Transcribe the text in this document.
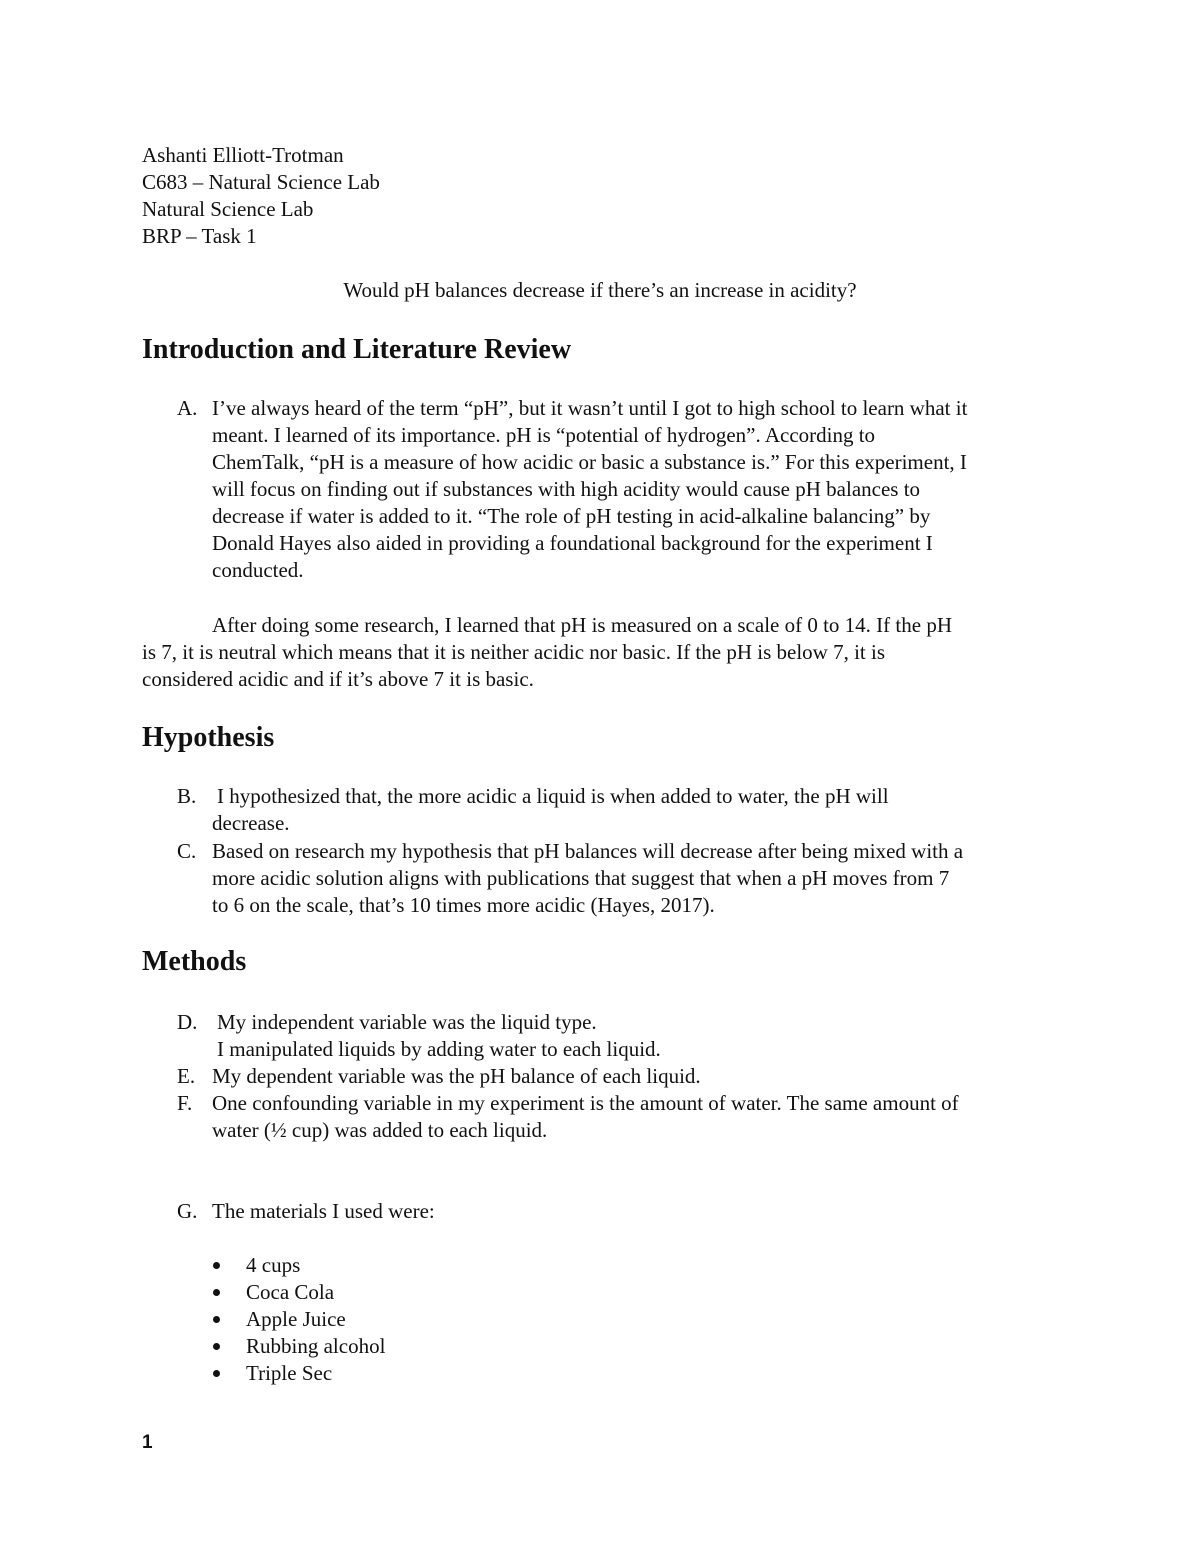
Ashanti Elliott-Trotman
C683 – Natural Science Lab
Natural Science Lab
BRP – Task 1
Would pH balances decrease if there’s an increase in acidity?
Introduction and Literature Review
A. I’ve always heard of the term “pH”, but it wasn’t until I got to high school to learn what it
meant. I learned of its importance. pH is “potential of hydrogen”. According to
ChemTalk, “pH is a measure of how acidic or basic a substance is.” For this experiment, I
will focus on finding out if substances with high acidity would cause pH balances to
decrease if water is added to it. “The role of pH testing in acid-alkaline balancing” by
Donald Hayes also aided in providing a foundational background for the experiment I
conducted.
After doing some research, I learned that pH is measured on a scale of 0 to 14. If the pH
is 7, it is neutral which means that it is neither acidic nor basic. If the pH is below 7, it is
considered acidic and if it’s above 7 it is basic.
Hypothesis
B. I hypothesized that, the more acidic a liquid is when added to water, the pH will
decrease.
C. Based on research my hypothesis that pH balances will decrease after being mixed with a
more acidic solution aligns with publications that suggest that when a pH moves from 7
to 6 on the scale, that’s 10 times more acidic (Hayes, 2017).
Methods
D. My independent variable was the liquid type.
I manipulated liquids by adding water to each liquid.
E. My dependent variable was the pH balance of each liquid.
F. One confounding variable in my experiment is the amount of water. The same amount of
water (½ cup) was added to each liquid.
G. The materials I used were:
4 cups
Coca Cola
Apple Juice
Rubbing alcohol
Triple Sec
1
